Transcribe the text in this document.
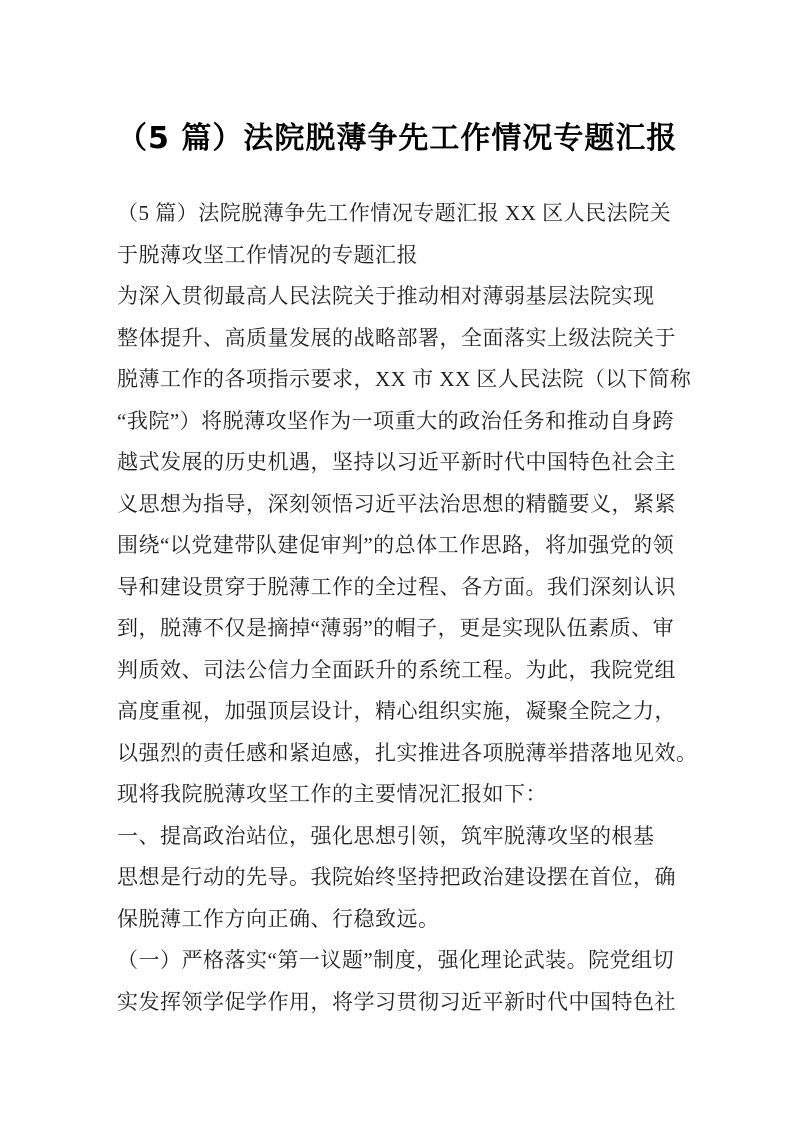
（5 篇）法院脱薄争先工作情况专题汇报
（5 篇）法院脱薄争先工作情况专题汇报 XX 区人民法院关
于脱薄攻坚工作情况的专题汇报
为深入贯彻最高人民法院关于推动相对薄弱基层法院实现
整体提升、高质量发展的战略部署，全面落实上级法院关于
脱薄工作的各项指示要求，XX 市 XX 区人民法院（以下简称
“我院”）将脱薄攻坚作为一项重大的政治任务和推动自身跨
越式发展的历史机遇，坚持以习近平新时代中国特色社会主
义思想为指导，深刻领悟习近平法治思想的精髓要义，紧紧
围绕“以党建带队建促审判”的总体工作思路，将加强党的领
导和建设贯穿于脱薄工作的全过程、各方面。我们深刻认识
到，脱薄不仅是摘掉“薄弱”的帽子，更是实现队伍素质、审
判质效、司法公信力全面跃升的系统工程。为此，我院党组
高度重视，加强顶层设计，精心组织实施，凝聚全院之力，
以强烈的责任感和紧迫感，扎实推进各项脱薄举措落地见效。
现将我院脱薄攻坚工作的主要情况汇报如下：
一、提高政治站位，强化思想引领，筑牢脱薄攻坚的根基
思想是行动的先导。我院始终坚持把政治建设摆在首位，确
保脱薄工作方向正确、行稳致远。
（一）严格落实“第一议题”制度，强化理论武装。院党组切
实发挥领学促学作用，将学习贯彻习近平新时代中国特色社
